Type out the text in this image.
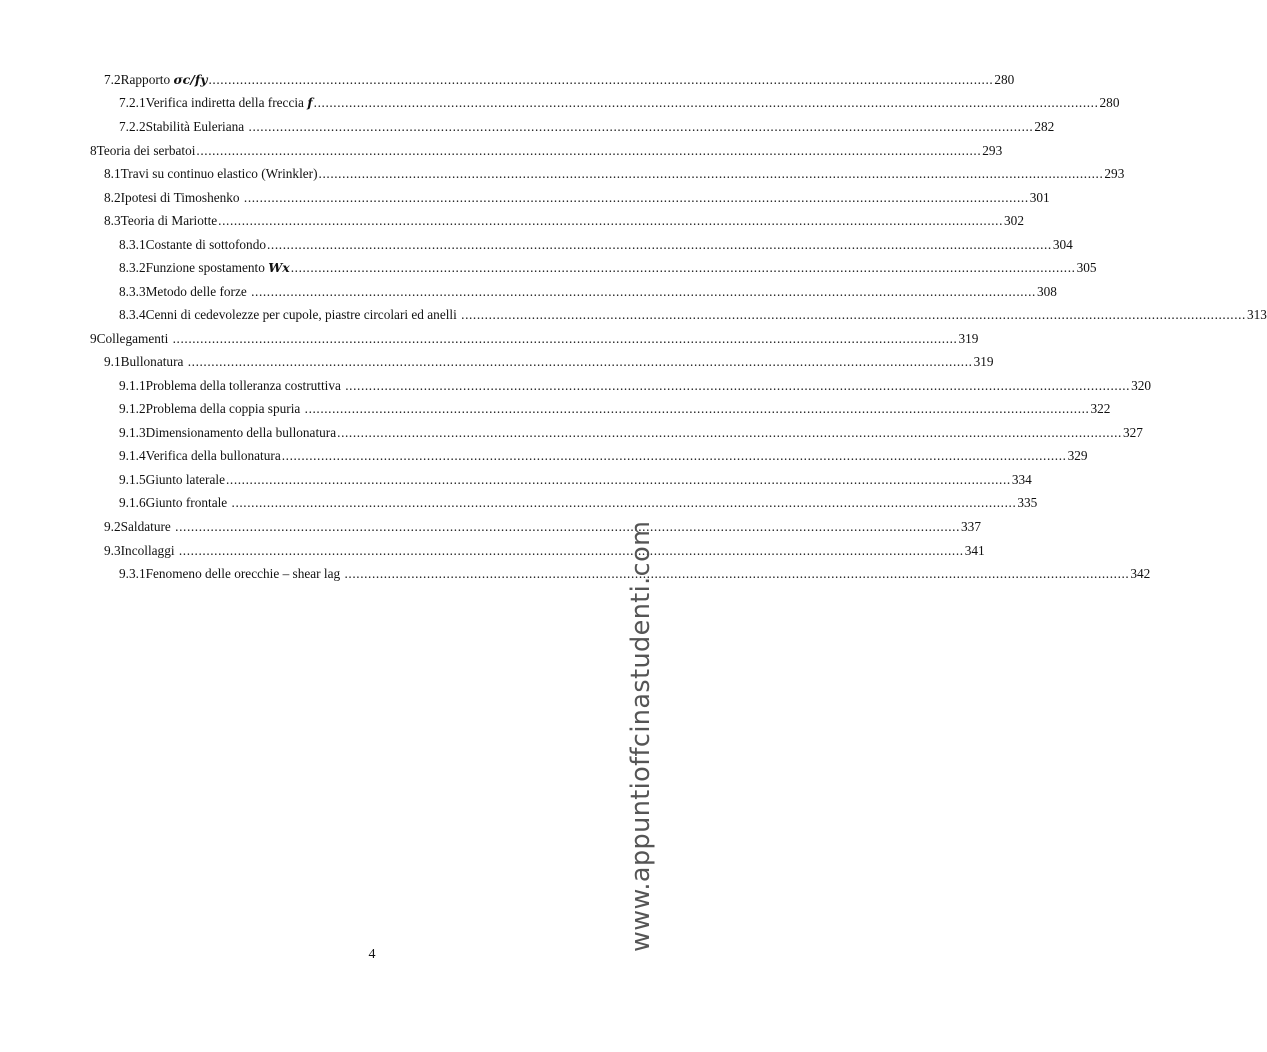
7.2 Rapporto σc/fy ........................................................................................................................................................................................................ 280
7.2.1 Verifica indiretta della freccia f ........................................................................................................................................................................................................ 280
7.2.2 Stabilità Euleriana ........................................................................................................................................................................................................ 282
8 Teoria dei serbatoi ........................................................................................................................................................................................................ 293
8.1 Travi su continuo elastico (Wrinkler) ........................................................................................................................................................................................................ 293
8.2 Ipotesi di Timoshenko ........................................................................................................................................................................................................ 301
8.3 Teoria di Mariotte ........................................................................................................................................................................................................ 302
8.3.1 Costante di sottofondo ........................................................................................................................................................................................................ 304
8.3.2 Funzione spostamento Wx ........................................................................................................................................................................................................ 305
8.3.3 Metodo delle forze ........................................................................................................................................................................................................ 308
8.3.4 Cenni di cedevolezze per cupole, piastre circolari ed anelli ........................................................................................................................................................................................................ 313
9 Collegamenti ........................................................................................................................................................................................................ 319
9.1 Bullonatura ........................................................................................................................................................................................................ 319
9.1.1 Problema della tolleranza costruttiva ........................................................................................................................................................................................................ 320
9.1.2 Problema della coppia spuria ........................................................................................................................................................................................................ 322
9.1.3 Dimensionamento della bullonatura ........................................................................................................................................................................................................ 327
9.1.4 Verifica della bullonatura ........................................................................................................................................................................................................ 329
9.1.5 Giunto laterale ........................................................................................................................................................................................................ 334
9.1.6 Giunto frontale ........................................................................................................................................................................................................ 335
9.2 Saldature ........................................................................................................................................................................................................ 337
9.3 Incollaggi ........................................................................................................................................................................................................ 341
9.3.1 Fenomeno delle orecchie – shear lag ........................................................................................................................................................................................................ 342
4
www.appuntioffcinastudenti.com
